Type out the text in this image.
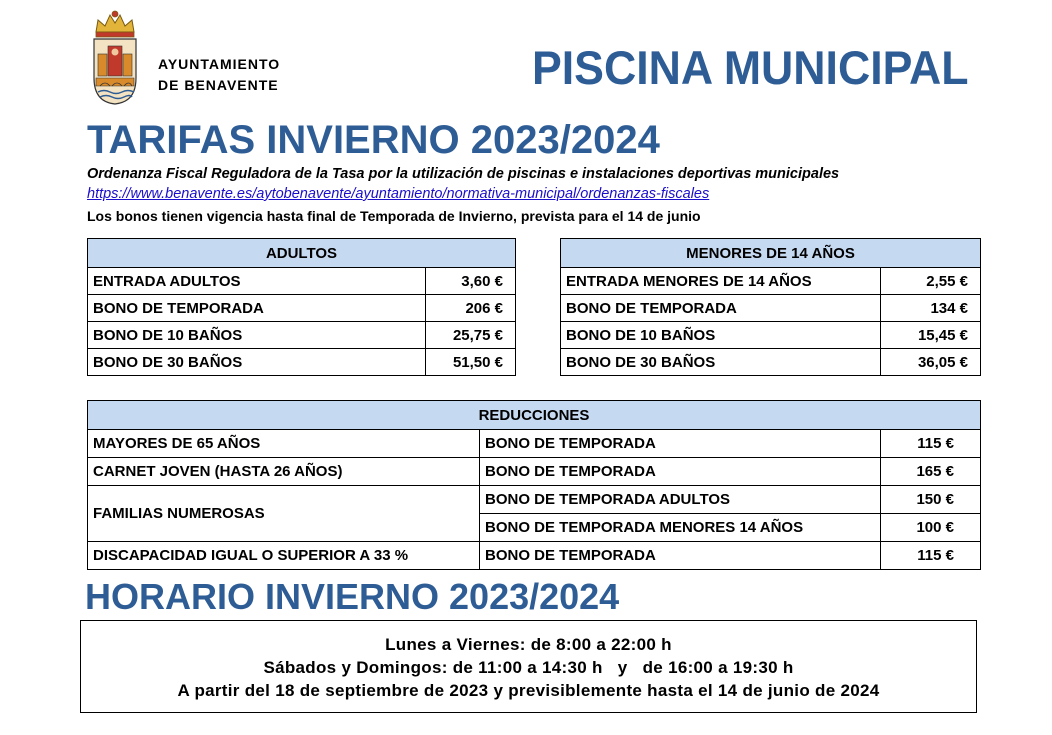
AYUNTAMIENTO
DE BENAVENTE	PISCINA MUNICIPAL
TARIFAS INVIERNO 2023/2024
Ordenanza Fiscal Reguladora de la Tasa por la utilización de piscinas e instalaciones deportivas municipales
https://www.benavente.es/aytobenavente/ayuntamiento/normativa-municipal/ordenanzas-fiscales
Los bonos tienen vigencia hasta final de Temporada de Invierno, prevista para el 14 de junio
ADULTOS	
ENTRADA ADULTOS	3,60 €
BONO DE TEMPORADA	206 €
BONO DE 10 BAÑOS	25,75 €
BONO DE 30 BAÑOS	51,50 €
MENORES DE 14 AÑOS	
ENTRADA MENORES DE 14 AÑOS	2,55 €
BONO DE TEMPORADA	134 €
BONO DE 10 BAÑOS	15,45 €
BONO DE 30 BAÑOS	36,05 €
REDUCCIONES		
MAYORES DE 65 AÑOS	BONO DE TEMPORADA	115 €
CARNET JOVEN (HASTA 26 AÑOS)	BONO DE TEMPORADA	165 €
FAMILIAS NUMEROSAS	BONO DE TEMPORADA ADULTOS	150 €
	BONO DE TEMPORADA MENORES 14 AÑOS	100 €
DISCAPACIDAD IGUAL O SUPERIOR A 33 %	BONO DE TEMPORADA	115 €
HORARIO INVIERNO 2023/2024
Lunes a Viernes: de 8:00 a 22:00 h
Sábados y Domingos: de 11:00 a 14:30 h   y   de 16:00 a 19:30 h
A partir del 18 de septiembre de 2023 y previsiblemente hasta el 14 de junio de 2024
